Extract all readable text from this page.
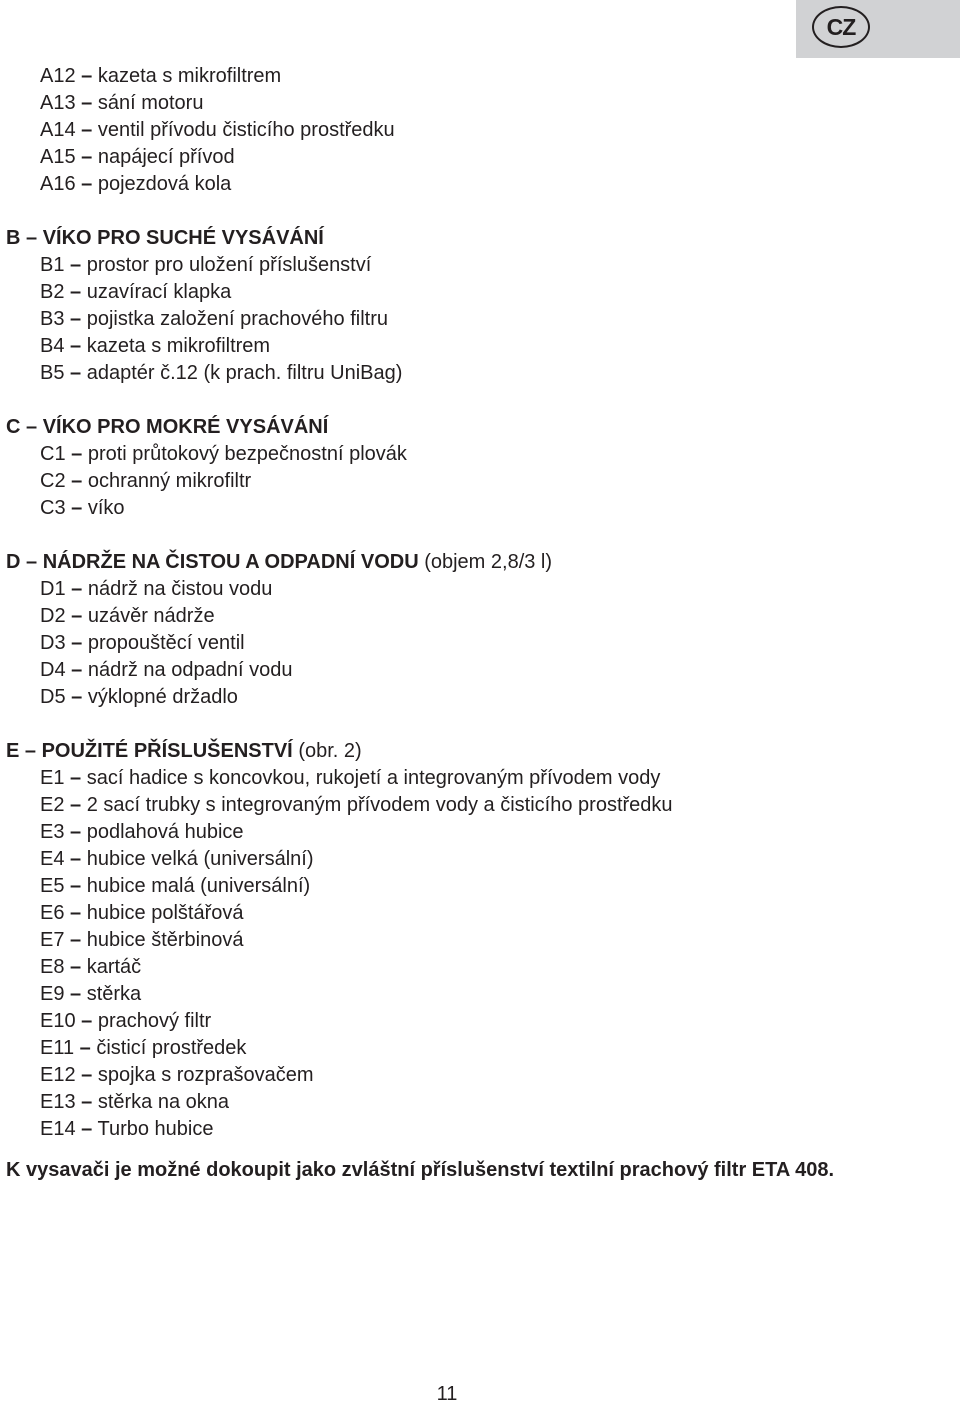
CZ
A12 – kazeta s mikrofiltrem
A13 – sání motoru
A14 – ventil přívodu čisticího prostředku
A15 – napájecí přívod
A16 – pojezdová kola
B – VÍKO PRO SUCHÉ VYSÁVÁNÍ
B1 – prostor pro uložení příslušenství
B2 – uzavírací klapka
B3 – pojistka založení prachového filtru
B4 – kazeta s mikrofiltrem
B5 – adaptér č.12 (k prach. filtru UniBag)
C – VÍKO PRO MOKRÉ VYSÁVÁNÍ
C1 – proti průtokový bezpečnostní plovák
C2 – ochranný mikrofiltr
C3 – víko
D – NÁDRŽE NA ČISTOU A ODPADNÍ VODU (objem 2,8/3 l)
D1 – nádrž na čistou vodu
D2 – uzávěr nádrže
D3 – propouštěcí ventil
D4 – nádrž na odpadní vodu
D5 – výklopné držadlo
E – POUŽITÉ PŘÍSLUŠENSTVÍ (obr. 2)
E1 – sací hadice s koncovkou, rukojetí a integrovaným přívodem vody
E2 – 2 sací trubky s integrovaným přívodem vody a čisticího prostředku
E3 – podlahová hubice
E4 – hubice velká (universální)
E5 – hubice malá (universální)
E6 – hubice polštářová
E7 – hubice štěrbinová
E8 – kartáč
E9 – stěrka
E10 – prachový filtr
E11 – čisticí prostředek
E12 – spojka s rozprašovačem
E13 – stěrka na okna
E14 – Turbo hubice
K vysavači je možné dokoupit jako zvláštní příslušenství textilní prachový filtr ETA 408.
11
